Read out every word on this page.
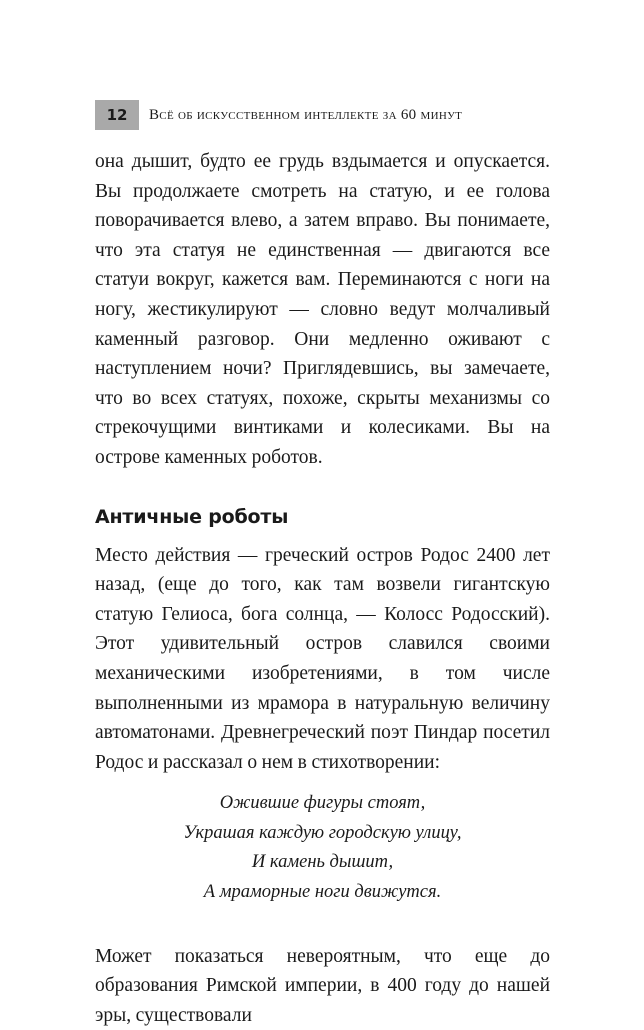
12	Всё об искусственном интеллекте за 60 минут

она дышит, будто ее грудь вздымается и опускается. Вы продолжаете смотреть на статую, и ее голова поворачивается влево, а затем вправо. Вы понимаете, что эта статуя не единственная — двигаются все статуи вокруг, кажется вам. Переминаются с ноги на ногу, жестикулируют — словно ведут молчаливый каменный разговор. Они медленно оживают с наступлением ночи? Приглядевшись, вы замечаете, что во всех статуях, похоже, скрыты механизмы со стрекочущими винтиками и колесиками. Вы на острове каменных роботов.

Античные роботы

Место действия — греческий остров Родос 2400 лет назад, (еще до того, как там возвели гигантскую статую Гелиоса, бога солнца, — Колосс Родосский). Этот удивительный остров славился своими механическими изобретениями, в том числе выполненными из мрамора в натуральную величину автоматонами. Древнегреческий поэт Пиндар посетил Родос и рассказал о нем в стихотворении:

Ожившие фигуры стоят,
Украшая каждую городскую улицу,
И камень дышит,
А мраморные ноги движутся.

Может показаться невероятным, что еще до образования Римской империи, в 400 году до нашей эры, существовали
